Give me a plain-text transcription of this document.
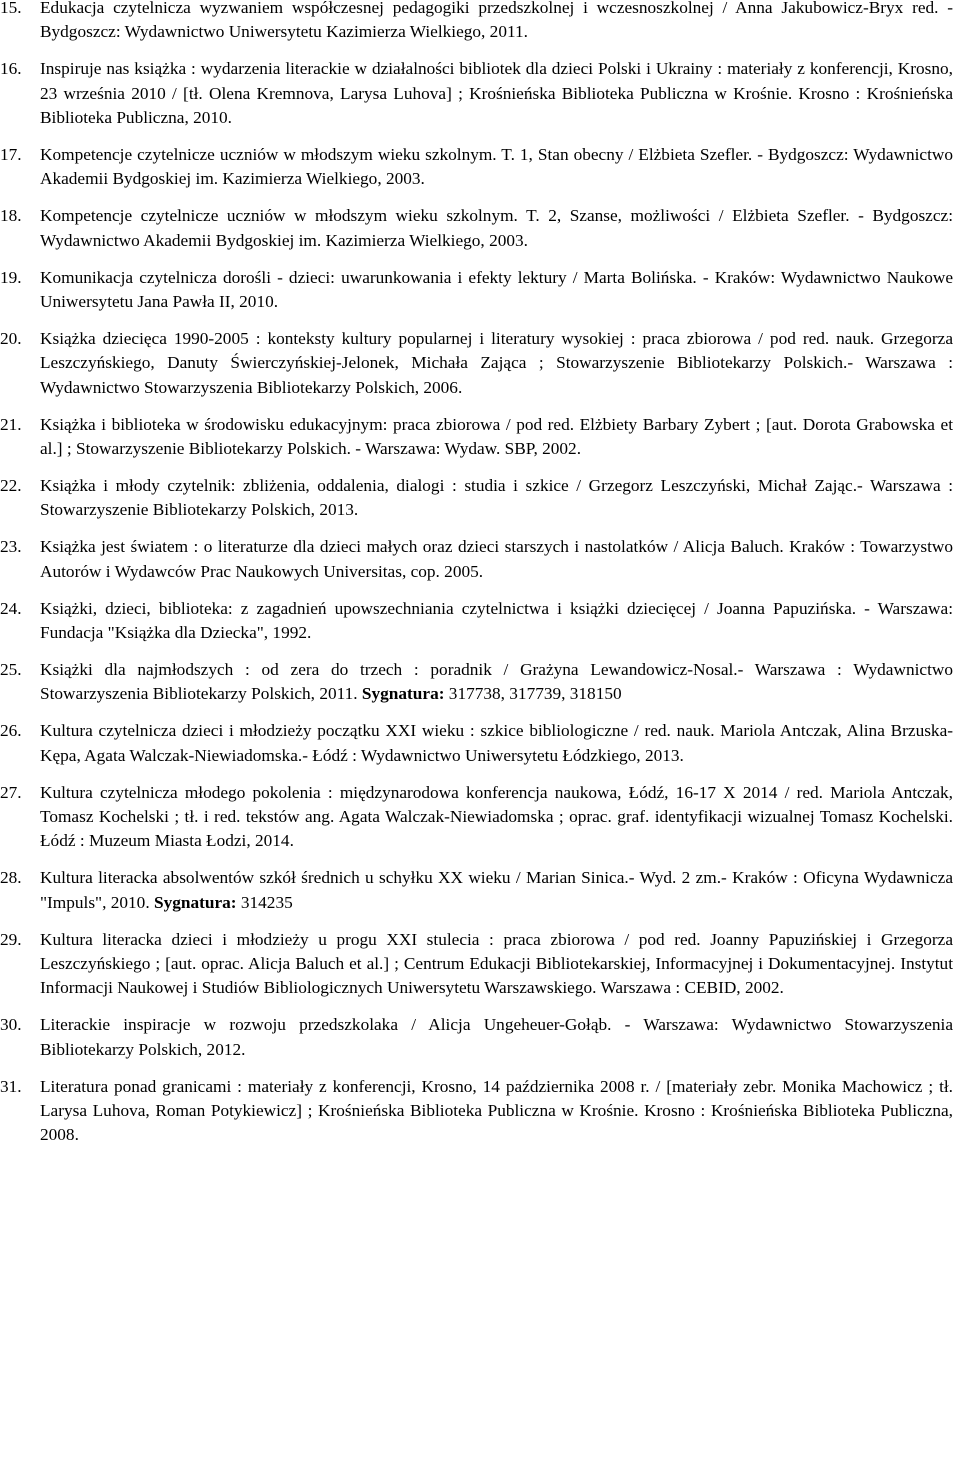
15.	Edukacja czytelnicza wyzwaniem współczesnej pedagogiki przedszkolnej i wczesnoszkolnej / Anna Jakubowicz-Bryx red. - Bydgoszcz: Wydawnictwo Uniwersytetu Kazimierza Wielkiego, 2011.
16.	Inspiruje nas książka : wydarzenia literackie w działalności bibliotek dla dzieci Polski i Ukrainy : materiały z konferencji, Krosno, 23 września 2010 / [tł. Olena Kremnova, Larysa Luhova] ; Krośnieńska Biblioteka Publiczna w Krośnie. Krosno : Krośnieńska Biblioteka Publiczna, 2010.
17.	Kompetencje czytelnicze uczniów w młodszym wieku szkolnym. T. 1, Stan obecny / Elżbieta Szefler. - Bydgoszcz: Wydawnictwo Akademii Bydgoskiej im. Kazimierza Wielkiego, 2003.
18.	Kompetencje czytelnicze uczniów w młodszym wieku szkolnym. T. 2, Szanse, możliwości / Elżbieta Szefler. - Bydgoszcz: Wydawnictwo Akademii Bydgoskiej im. Kazimierza Wielkiego, 2003.
19.	Komunikacja czytelnicza dorośli - dzieci: uwarunkowania i efekty lektury / Marta Bolińska. - Kraków: Wydawnictwo Naukowe Uniwersytetu Jana Pawła II, 2010.
20.	Książka dziecięca 1990-2005 : konteksty kultury popularnej i literatury wysokiej : praca zbiorowa / pod red. nauk. Grzegorza Leszczyńskiego, Danuty Świerczyńskiej-Jelonek, Michała Zająca ; Stowarzyszenie Bibliotekarzy Polskich.- Warszawa : Wydawnictwo Stowarzyszenia Bibliotekarzy Polskich, 2006.
21.	Książka i biblioteka w środowisku edukacyjnym: praca zbiorowa / pod red. Elżbiety Barbary Zybert ; [aut. Dorota Grabowska et al.] ; Stowarzyszenie Bibliotekarzy Polskich. - Warszawa: Wydaw. SBP, 2002.
22.	Książka i młody czytelnik: zbliżenia, oddalenia, dialogi : studia i szkice / Grzegorz Leszczyński, Michał Zając.- Warszawa : Stowarzyszenie Bibliotekarzy Polskich, 2013.
23.	Książka jest światem : o literaturze dla dzieci małych oraz dzieci starszych i nastolatków / Alicja Baluch. Kraków : Towarzystwo Autorów i Wydawców Prac Naukowych Universitas, cop. 2005.
24.	Książki, dzieci, biblioteka: z zagadnień upowszechniania czytelnictwa i książki dziecięcej / Joanna Papuzińska. - Warszawa: Fundacja "Książka dla Dziecka", 1992.
25.	Książki dla najmłodszych : od zera do trzech : poradnik / Grażyna Lewandowicz-Nosal.- Warszawa : Wydawnictwo Stowarzyszenia Bibliotekarzy Polskich, 2011. Sygnatura: 317738, 317739, 318150
26.	Kultura czytelnicza dzieci i młodzieży początku XXI wieku : szkice bibliologiczne / red. nauk. Mariola Antczak, Alina Brzuska-Kępa, Agata Walczak-Niewiadomska.- Łódź : Wydawnictwo Uniwersytetu Łódzkiego, 2013.
27.	Kultura czytelnicza młodego pokolenia : międzynarodowa konferencja naukowa, Łódź, 16-17 X 2014 / red. Mariola Antczak, Tomasz Kochelski ; tł. i red. tekstów ang. Agata Walczak-Niewiadomska ; oprac. graf. identyfikacji wizualnej Tomasz Kochelski. Łódź : Muzeum Miasta Łodzi, 2014.
28.	Kultura literacka absolwentów szkół średnich u schyłku XX wieku / Marian Sinica.- Wyd. 2 zm.- Kraków : Oficyna Wydawnicza "Impuls", 2010. Sygnatura: 314235
29.	Kultura literacka dzieci i młodzieży u progu XXI stulecia : praca zbiorowa / pod red. Joanny Papuzińskiej i Grzegorza Leszczyńskiego ; [aut. oprac. Alicja Baluch et al.] ; Centrum Edukacji Bibliotekarskiej, Informacyjnej i Dokumentacyjnej. Instytut Informacji Naukowej i Studiów Bibliologicznych Uniwersytetu Warszawskiego. Warszawa : CEBID, 2002.
30.	Literackie inspiracje w rozwoju przedszkolaka / Alicja Ungeheuer-Gołąb. - Warszawa: Wydawnictwo Stowarzyszenia Bibliotekarzy Polskich, 2012.
31.	Literatura ponad granicami : materiały z konferencji, Krosno, 14 października 2008 r. / [materiały zebr. Monika Machowicz ; tł. Larysa Luhova, Roman Potykiewicz] ; Krośnieńska Biblioteka Publiczna w Krośnie. Krosno : Krośnieńska Biblioteka Publiczna, 2008.
